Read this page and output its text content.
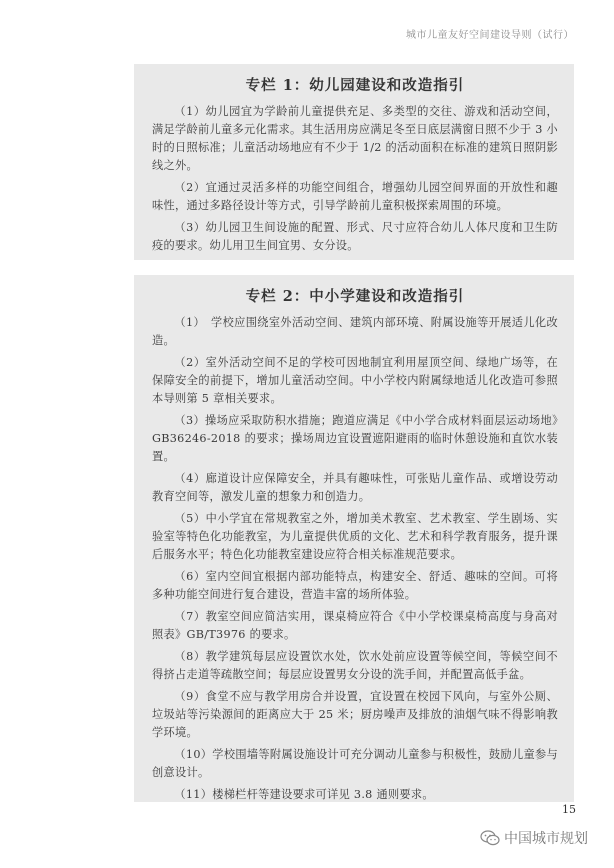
城市儿童友好空间建设导则（试行）
专栏 1：幼儿园建设和改造指引

（1）幼儿园宜为学龄前儿童提供充足、多类型的交往、游戏和活动空间，满足学龄前儿童多元化需求。其生活用房应满足冬至日底层满窗日照不少于 3 小时的日照标准；儿童活动场地应有不少于 1/2 的活动面积在标准的建筑日照阴影线之外。

（2）宜通过灵活多样的功能空间组合，增强幼儿园空间界面的开放性和趣味性，通过多路径设计等方式，引导学龄前儿童积极探索周围的环境。

（3）幼儿园卫生间设施的配置、形式、尺寸应符合幼儿人体尺度和卫生防疫的要求。幼儿用卫生间宜男、女分设。

专栏 2：中小学建设和改造指引

（1）　学校应围绕室外活动空间、建筑内部环境、附属设施等开展适儿化改造。

（2）室外活动空间不足的学校可因地制宜利用屋顶空间、绿地广场等，在保障安全的前提下，增加儿童活动空间。中小学校内附属绿地适儿化改造可参照本导则第 5 章相关要求。

（3）操场应采取防积水措施；跑道应满足《中小学合成材料面层运动场地》GB36246-2018 的要求；操场周边宜设置遮阳避雨的临时休憩设施和直饮水装置。

（4）廊道设计应保障安全，并具有趣味性，可张贴儿童作品、或增设劳动教育空间等，激发儿童的想象力和创造力。

（5）中小学宜在常规教室之外，增加美术教室、艺术教室、学生剧场、实验室等特色化功能教室，为儿童提供优质的文化、艺术和科学教育服务，提升课后服务水平；特色化功能教室建设应符合相关标准规范要求。

（6）室内空间宜根据内部功能特点，构建安全、舒适、趣味的空间。可将多种功能空间进行复合建设，营造丰富的场所体验。

（7）教室空间应简洁实用，课桌椅应符合《中小学校课桌椅高度与身高对照表》GB/T3976 的要求。

（8）教学建筑每层应设置饮水处，饮水处前应设置等候空间，等候空间不得挤占走道等疏散空间；每层应设置男女分设的洗手间，并配置高低手盆。

（9）食堂不应与教学用房合并设置，宜设置在校园下风向，与室外公厕、垃圾站等污染源间的距离应大于 25 米；厨房噪声及排放的油烟气味不得影响教学环境。

（10）学校围墙等附属设施设计可充分调动儿童参与积极性，鼓励儿童参与创意设计。

（11）楼梯栏杆等建设要求可详见 3.8 通则要求。

15
中国城市规划
